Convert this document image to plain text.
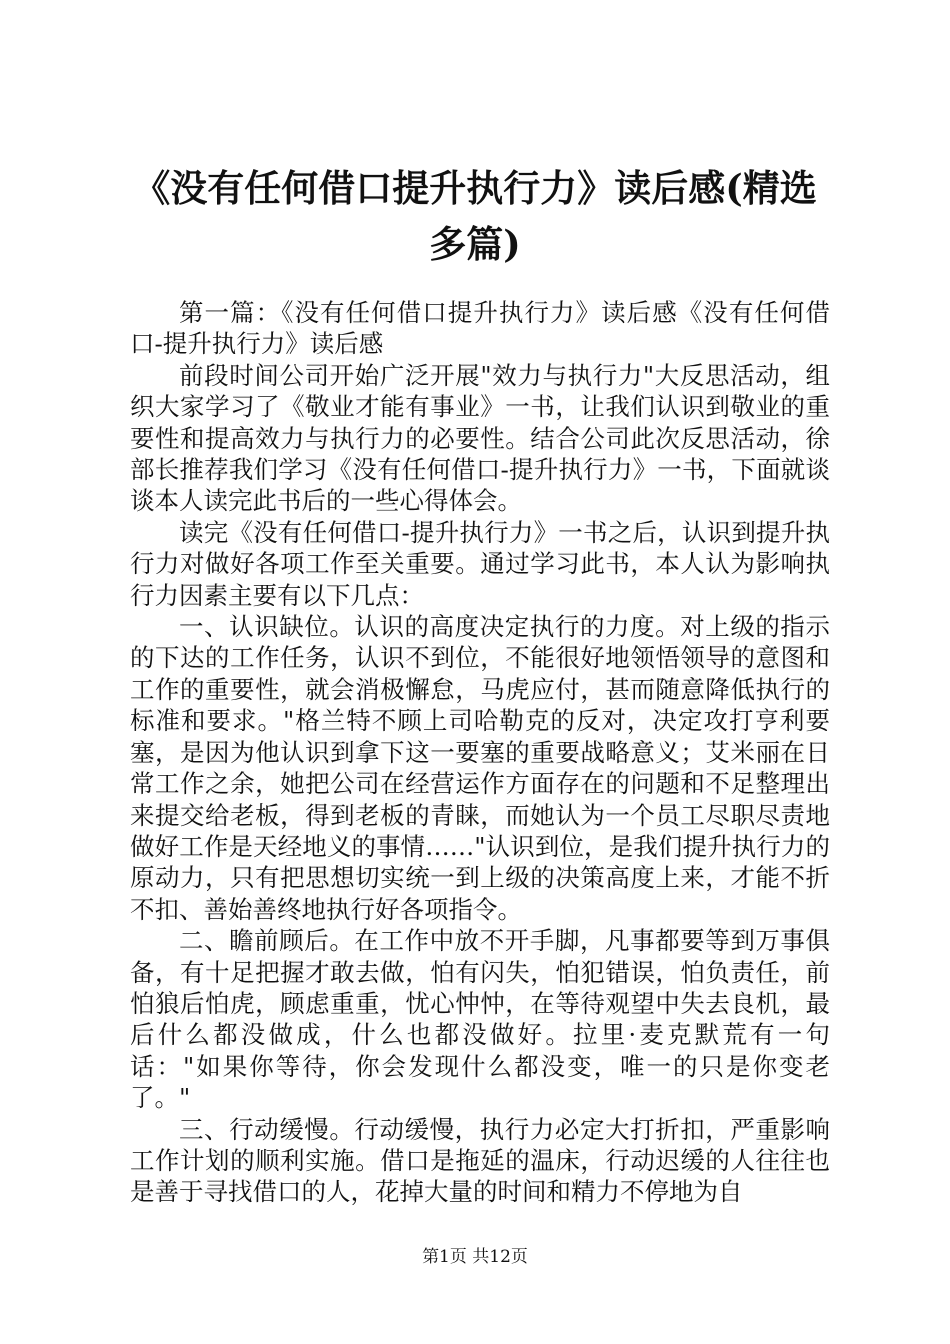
《没有任何借口提升执行力》读后感(精选多篇)

第一篇：《没有任何借口提升执行力》读后感《没有任何借口-提升执行力》读后感

前段时间公司开始广泛开展"效力与执行力"大反思活动，组织大家学习了《敬业才能有事业》一书，让我们认识到敬业的重要性和提高效力与执行力的必要性。结合公司此次反思活动，徐部长推荐我们学习《没有任何借口-提升执行力》一书，下面就谈谈本人读完此书后的一些心得体会。

读完《没有任何借口-提升执行力》一书之后，认识到提升执行力对做好各项工作至关重要。通过学习此书，本人认为影响执行力因素主要有以下几点：

一、认识缺位。认识的高度决定执行的力度。对上级的指示的下达的工作任务，认识不到位，不能很好地领悟领导的意图和工作的重要性，就会消极懈怠，马虎应付，甚而随意降低执行的标准和要求。"格兰特不顾上司哈勒克的反对，决定攻打亨利要塞，是因为他认识到拿下这一要塞的重要战略意义；艾米丽在日常工作之余，她把公司在经营运作方面存在的问题和不足整理出来提交给老板，得到老板的青睐，而她认为一个员工尽职尽责地做好工作是天经地义的事情……"认识到位，是我们提升执行力的原动力，只有把思想切实统一到上级的决策高度上来，才能不折不扣、善始善终地执行好各项指令。

二、瞻前顾后。在工作中放不开手脚，凡事都要等到万事俱备，有十足把握才敢去做，怕有闪失，怕犯错误，怕负责任，前怕狼后怕虎，顾虑重重，忧心忡忡，在等待观望中失去良机，最后什么都没做成，什么也都没做好。拉里·麦克默荒有一句话："如果你等待，你会发现什么都没变，唯一的只是你变老了。"

三、行动缓慢。行动缓慢，执行力必定大打折扣，严重影响工作计划的顺利实施。借口是拖延的温床，行动迟缓的人往往也是善于寻找借口的人，花掉大量的时间和精力不停地为自

第1页 共12页
